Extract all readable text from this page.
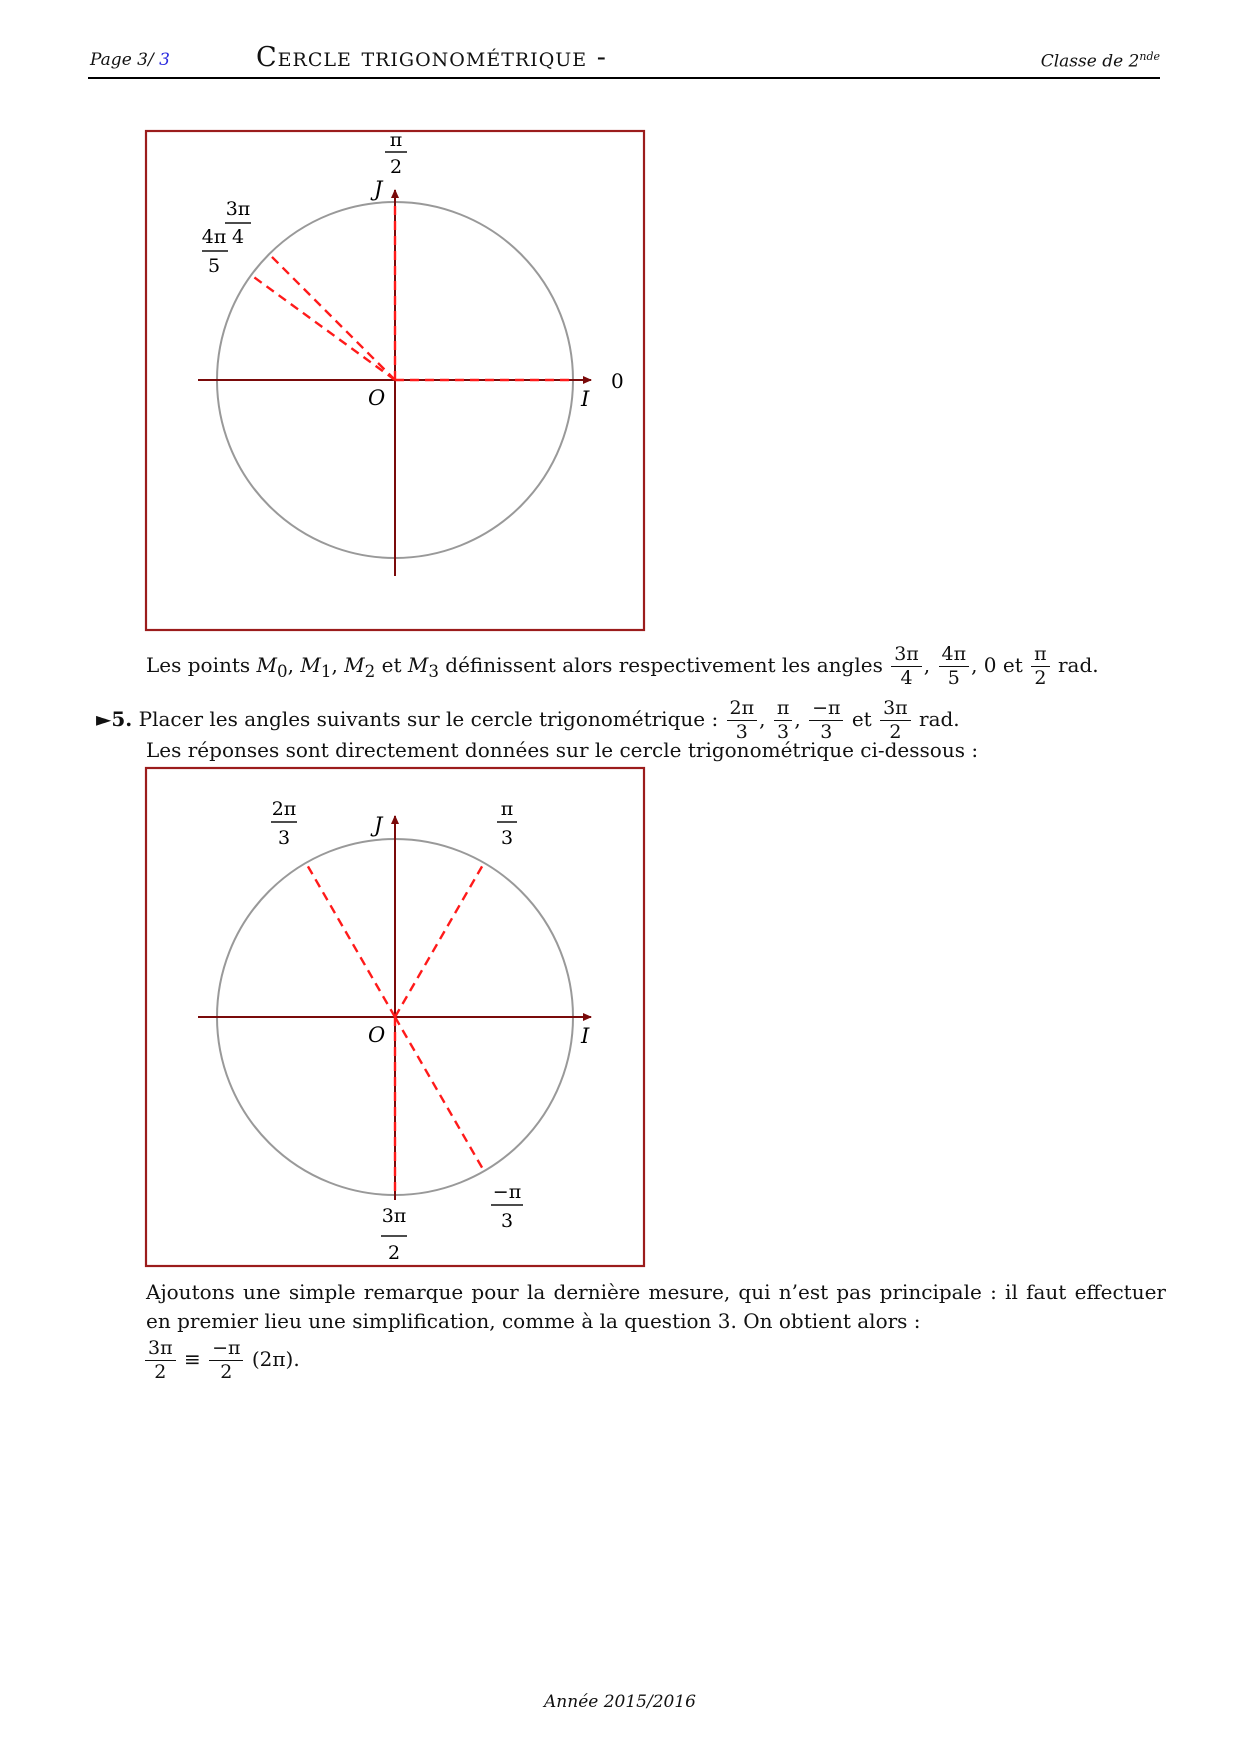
Page 3/ 3	Cercle trigonométrique -	Classe de 2nde
J
O	I
0
π
2
3π
4
4π
5
Les points $M_0$, $M_1$, $M_2$ et $M_3$ définissent alors respectivement les angles $\frac{3\pi}{4}$ , $\frac{4\pi}{5}$ , 0 et $\frac{\pi}{2}$ rad.
►5. Placer les angles suivants sur le cercle trigonométrique : $\frac{2\pi}{3}$ , $\frac{\pi}{3}$ , $\frac{-\pi}{3}$ et $\frac{3\pi}{2}$ rad.
Les réponses sont directement données sur le cercle trigonométrique ci-dessous :
J
O	I
2π
3
π
3
−π
3
3π
2
Ajoutons une simple remarque pour la dernière mesure, qui n’est pas principale : il faut effectuer en premier lieu une simplification, comme à la question 3. On obtient alors :
$\frac{3\pi}{2} \equiv \frac{-\pi}{2} (2\pi)$.
Année 2015/2016
